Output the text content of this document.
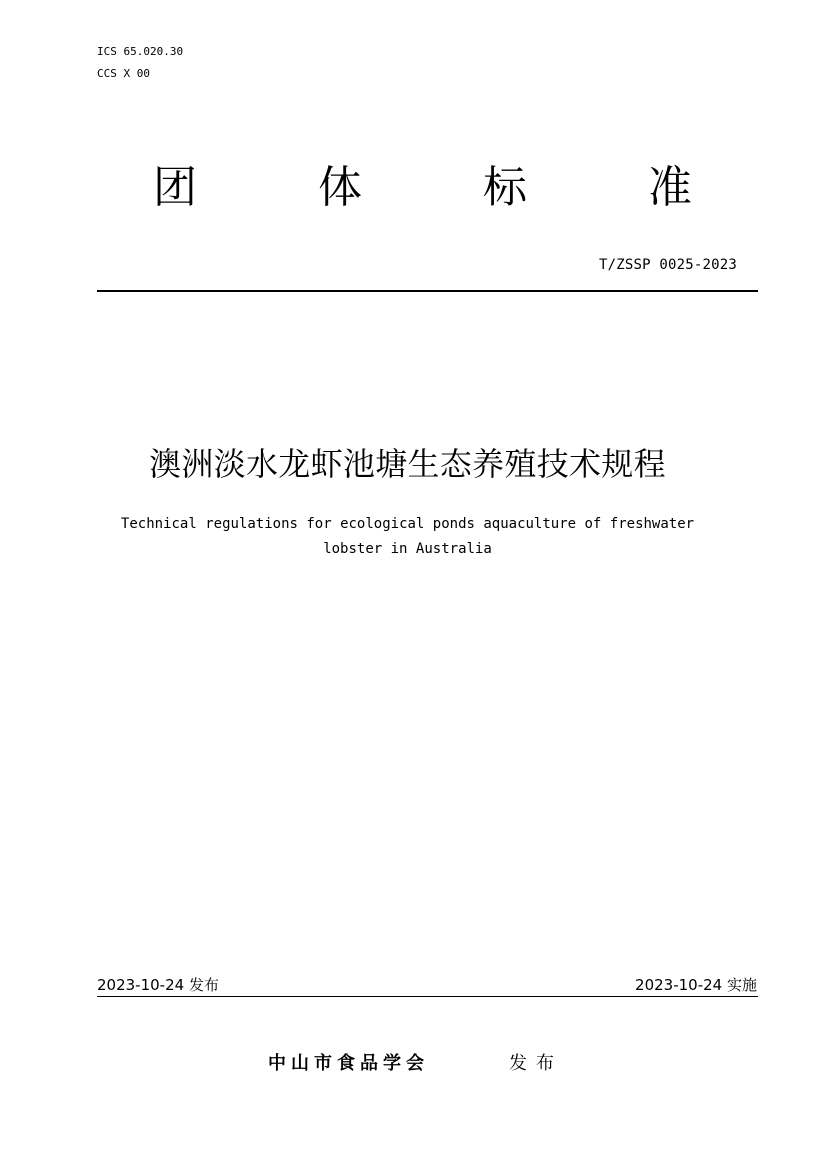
ICS 65.020.30
CCS X 00
团	体	标	准
T/ZSSP 0025-2023
澳洲淡水龙虾池塘生态养殖技术规程
Technical regulations for ecological ponds aquaculture of freshwater
lobster in Australia
2023-10-24 发布	2023-10-24 实施
中山市食品学会	发布
